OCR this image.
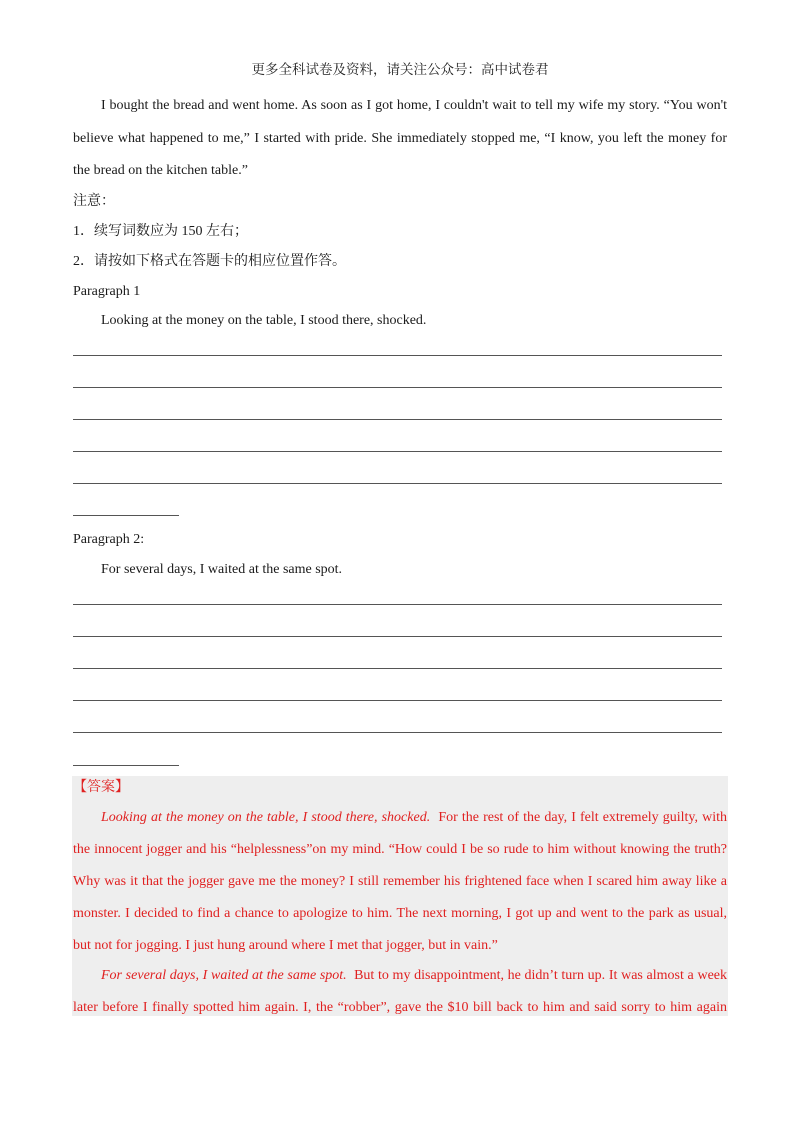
更多全科试卷及资料，请关注公众号：高中试卷君
I bought the bread and went home. As soon as I got home, I couldn't wait to tell my wife my story. “You won't
believe what happened to me,” I started with pride. She immediately stopped me, “I know, you left the money for
the bread on the kitchen table.”
注意：
1．续写词数应为 150 左右；
2．请按如下格式在答题卡的相应位置作答。
Paragraph 1
Looking at the money on the table, I stood there, shocked.
Paragraph 2:
For several days, I waited at the same spot.
【答案】
Looking at the money on the table, I stood there, shocked. For the rest of the day, I felt extremely guilty, with
the innocent jogger and his “helplessness”on my mind. “How could I be so rude to him without knowing the truth?
Why was it that the jogger gave me the money? I still remember his frightened face when I scared him away like a
monster. I decided to find a chance to apologize to him. The next morning, I got up and went to the park as usual,
but not for jogging. I just hung around where I met that jogger, but in vain.”
For several days, I waited at the same spot. But to my disappointment, he didn’t turn up. It was almost a week
later before I finally spotted him again. I, the “robber”, gave the $10 bill back to him and said sorry to him again
